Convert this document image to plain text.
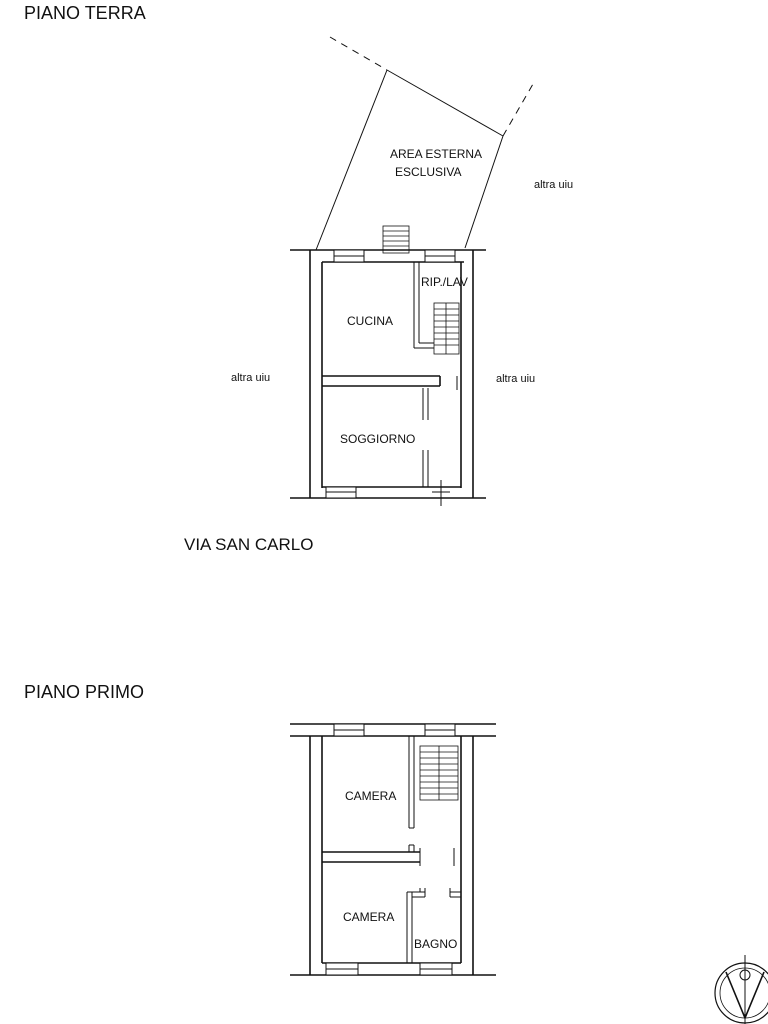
PIANO TERRA
AREA ESTERNA
ESCLUSIVA
altra uiu
RIP./LAV
CUCINA
altra uiu	altra uiu
SOGGIORNO
VIA SAN CARLO
PIANO PRIMO
CAMERA
CAMERA
BAGNO
